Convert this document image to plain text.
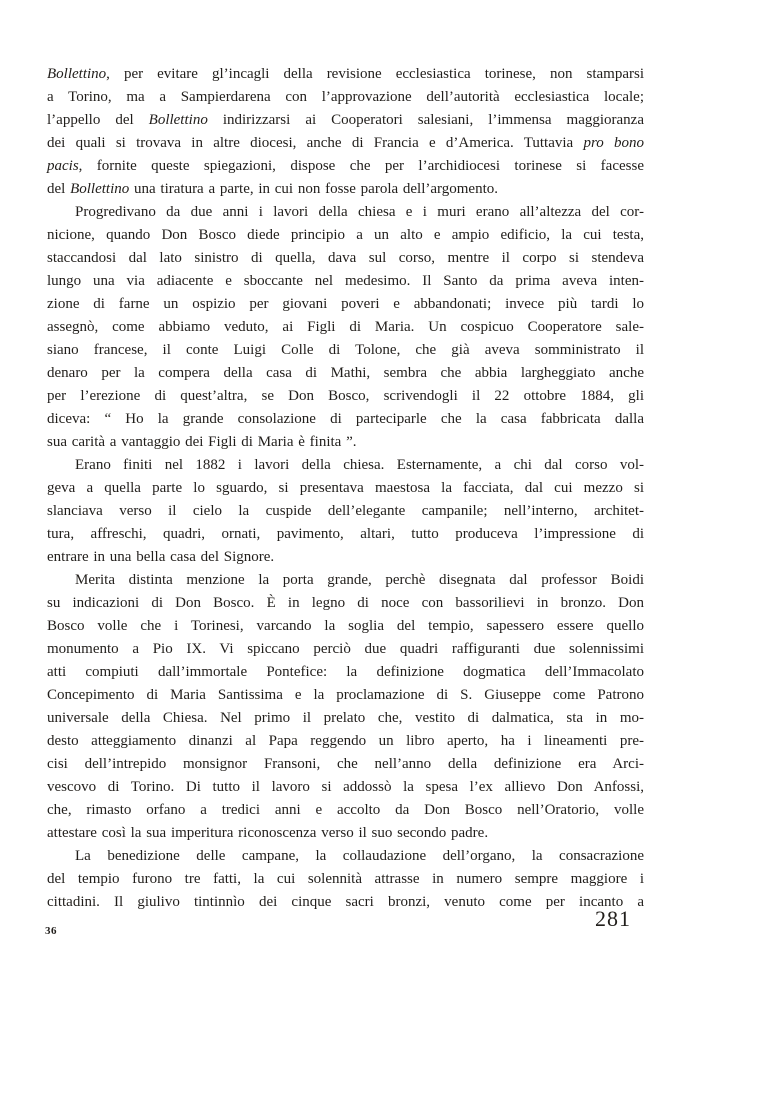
Bollettino, per evitare gl’incagli della revisione ecclesiastica torinese, non stamparsi
a Torino, ma a Sampierdarena con l’approvazione dell’autorità ecclesiastica locale;
l’appello del Bollettino indirizzarsi ai Cooperatori salesiani, l’immensa maggioranza
dei quali si trovava in altre diocesi, anche di Francia e d’America. Tuttavia pro bono
pacis, fornite queste spiegazioni, dispose che per l’archidiocesi torinese si facesse
del Bollettino una tiratura a parte, in cui non fosse parola dell’argomento.
Progredivano da due anni i lavori della chiesa e i muri erano all’altezza del cor-
nicione, quando Don Bosco diede principio a un alto e ampio edificio, la cui testa,
staccandosi dal lato sinistro di quella, dava sul corso, mentre il corpo si stendeva
lungo una via adiacente e sboccante nel medesimo. Il Santo da prima aveva inten-
zione di farne un ospizio per giovani poveri e abbandonati; invece più tardi lo
assegnò, come abbiamo veduto, ai Figli di Maria. Un cospicuo Cooperatore sale-
siano francese, il conte Luigi Colle di Tolone, che già aveva somministrato il
denaro per la compera della casa di Mathi, sembra che abbia largheggiato anche
per l’erezione di quest’altra, se Don Bosco, scrivendogli il 22 ottobre 1884, gli
diceva: “ Ho la grande consolazione di parteciparle che la casa fabbricata dalla
sua carità a vantaggio dei Figli di Maria è finita ”.
Erano finiti nel 1882 i lavori della chiesa. Esternamente, a chi dal corso vol-
geva a quella parte lo sguardo, si presentava maestosa la facciata, dal cui mezzo si
slanciava verso il cielo la cuspide dell’elegante campanile; nell’interno, architet-
tura, affreschi, quadri, ornati, pavimento, altari, tutto produceva l’impressione di
entrare in una bella casa del Signore.
Merita distinta menzione la porta grande, perchè disegnata dal professor Boidi
su indicazioni di Don Bosco. È in legno di noce con bassorilievi in bronzo. Don
Bosco volle che i Torinesi, varcando la soglia del tempio, sapessero essere quello
monumento a Pio IX. Vi spiccano perciò due quadri raffiguranti due solennissimi
atti compiuti dall’immortale Pontefice: la definizione dogmatica dell’Immacolato
Concepimento di Maria Santissima e la proclamazione di S. Giuseppe come Patrono
universale della Chiesa. Nel primo il prelato che, vestito di dalmatica, sta in mo-
desto atteggiamento dinanzi al Papa reggendo un libro aperto, ha i lineamenti pre-
cisi dell’intrepido monsignor Fransoni, che nell’anno della definizione era Arci-
vescovo di Torino. Di tutto il lavoro si addossò la spesa l’ex allievo Don Anfossi,
che, rimasto orfano a tredici anni e accolto da Don Bosco nell’Oratorio, volle
attestare così la sua imperitura riconoscenza verso il suo secondo padre.
La benedizione delle campane, la collaudazione dell’organo, la consacrazione
del tempio furono tre fatti, la cui solennità attrasse in numero sempre maggiore i
cittadini. Il giulivo tintinnìo dei cinque sacri bronzi, venuto come per incanto a
36	281
